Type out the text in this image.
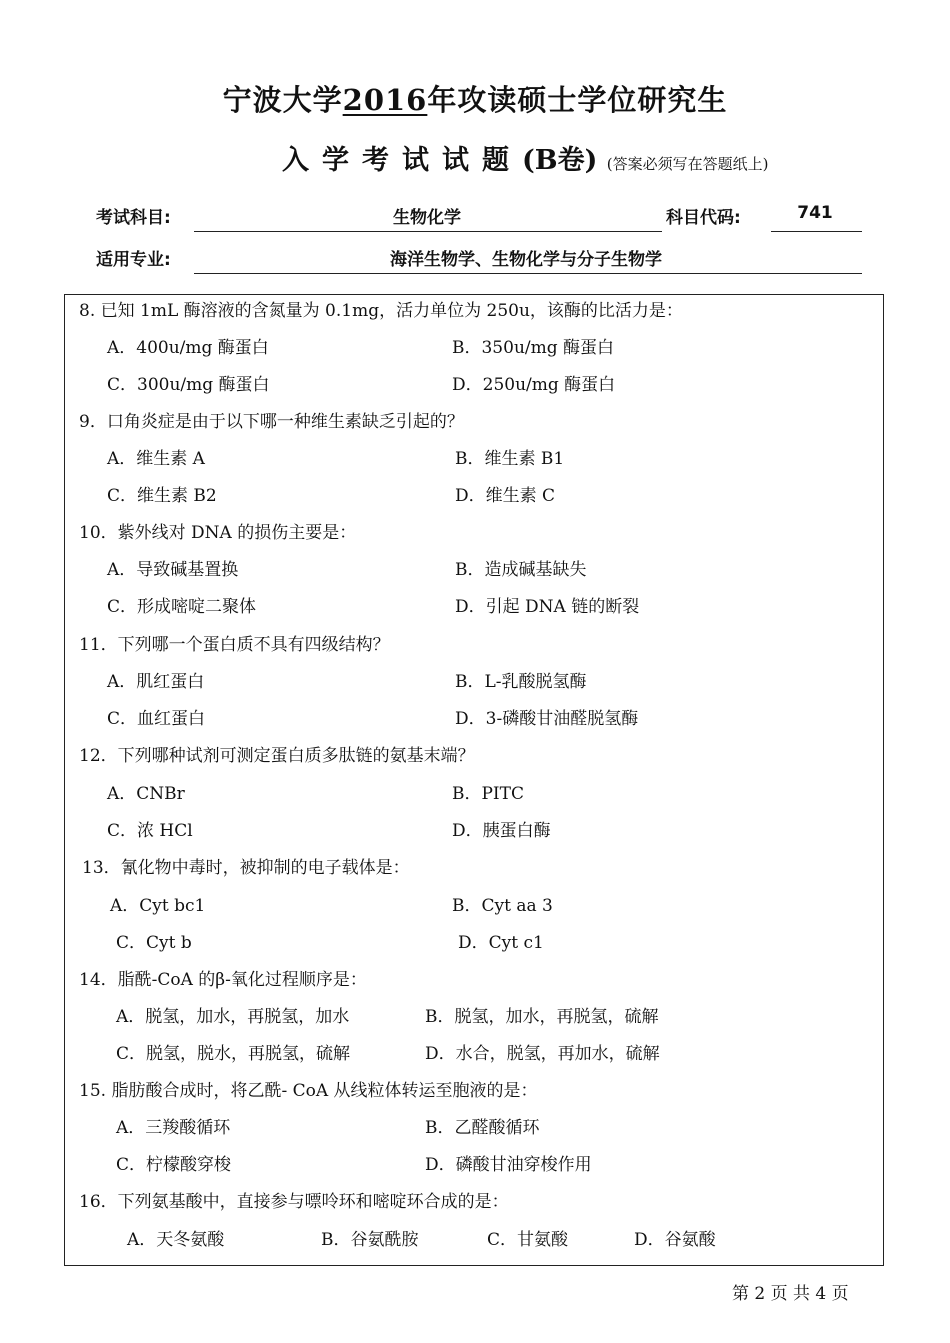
宁波大学2016年攻读硕士学位研究生
入学考试试题(B卷) (答案必须写在答题纸上)
考试科目:	生物化学	科目代码:	741
适用专业:	海洋生物学、生物化学与分子生物学
8. 已知 1mL 酶溶液的含氮量为 0.1mg，活力单位为 250u，该酶的比活力是：
A．400u/mg 酶蛋白	B．350u/mg 酶蛋白
C．300u/mg 酶蛋白	D．250u/mg 酶蛋白
9．口角炎症是由于以下哪一种维生素缺乏引起的？
A．维生素 A	B．维生素 B1
C．维生素 B2	D．维生素 C
10．紫外线对 DNA 的损伤主要是：
A．导致碱基置换	B．造成碱基缺失
C．形成嘧啶二聚体	D．引起 DNA 链的断裂
11．下列哪一个蛋白质不具有四级结构？
A．肌红蛋白	B．L-乳酸脱氢酶
C．血红蛋白	D．3-磷酸甘油醛脱氢酶
12．下列哪种试剂可测定蛋白质多肽链的氨基末端？
A．CNBr	B．PITC
C．浓 HCl	D．胰蛋白酶
13．氰化物中毒时，被抑制的电子载体是：
A．Cyt bc1	B．Cyt aa 3
C．Cyt b	D．Cyt c1
14．脂酰-CoA 的β-氧化过程顺序是：
A．脱氢，加水，再脱氢，加水	B．脱氢，加水，再脱氢，硫解
C．脱氢，脱水，再脱氢，硫解	D．水合，脱氢，再加水，硫解
15. 脂肪酸合成时，将乙酰- CoA 从线粒体转运至胞液的是：
A．三羧酸循环	B．乙醛酸循环
C．柠檬酸穿梭	D．磷酸甘油穿梭作用
16．下列氨基酸中，直接参与嘌呤环和嘧啶环合成的是：
A．天冬氨酸	B．谷氨酰胺	C．甘氨酸	D．谷氨酸
第 2 页 共 4 页
